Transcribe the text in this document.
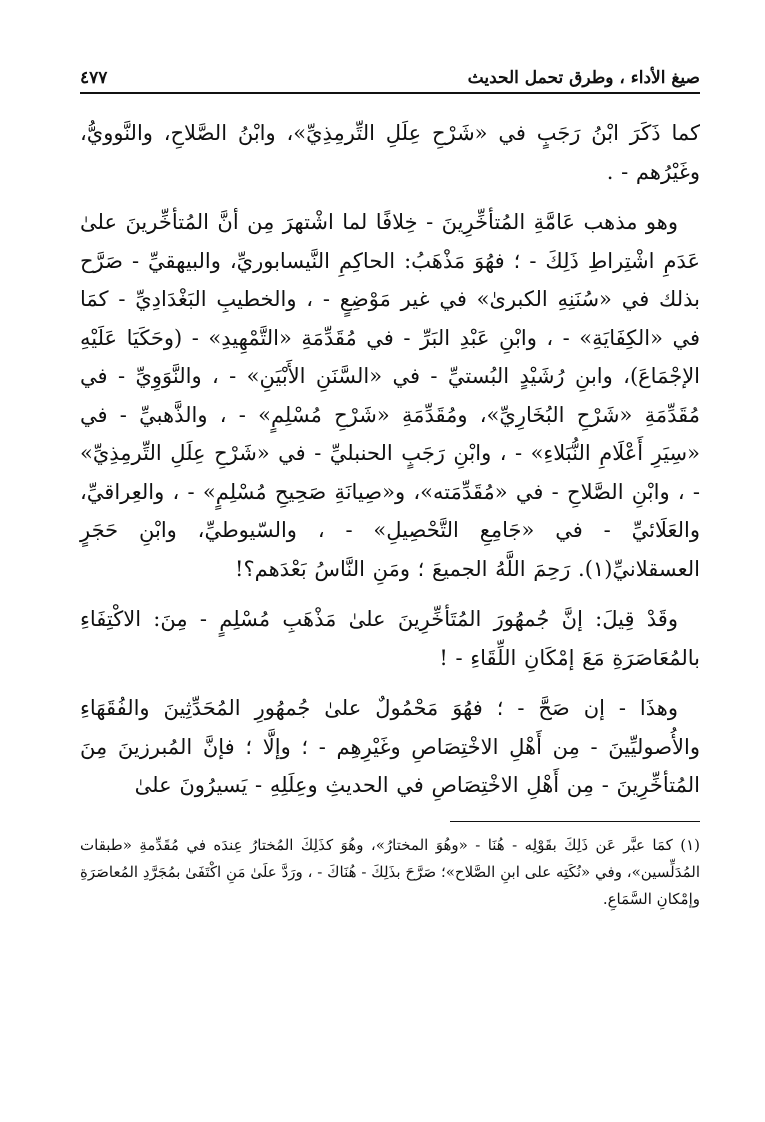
صيغ الأداء ، وطرق تحمل الحديث
٤٧٧

كما ذَكَرَ ابْنُ رَجَبٍ في «شَرْحِ عِلَلِ التِّرمِذِيِّ»، وابْنُ الصَّلاحِ، والنَّوويُّ، وغَيْرُهم - .

وهو مذهب عَامَّةِ المُتأخِّرِينَ - خِلافًا لما اشْتهرَ مِن أنَّ المُتأخِّرينَ علىٰ عَدَمِ اشْتِراطِ ذَلِكَ - ؛ فهُوَ مَذْهَبُ: الحاكِمِ النَّيسابوريِّ، والبيهقيِّ - صَرَّح بذلك في «سُنَنِهِ الكبرىٰ» في غير مَوْضِعٍ - ، والخطيبِ البَغْدَادِيِّ - كمَا في «الكِفَايَةِ» - ، وابْنِ عَبْدِ البَرِّ - في مُقَدِّمَةِ «التَّمْهِيدِ» - (وحَكَيَا عَلَيْهِ الإجْمَاعَ)، وابنِ رُشَيْدٍ البُستيِّ - في «السَّنَنِ الأَبْيَنِ» - ، والنَّوَوِيِّ - في مُقَدِّمَةِ «شَرْحِ البُخَارِيِّ»، ومُقَدِّمَةِ «شَرْحِ مُسْلِمٍ» - ، والذَّهبيِّ - في «سِيَرِ أَعْلَامِ النُّبَلاءِ» - ، وابْنِ رَجَبٍ الحنبليِّ - في «شَرْحِ عِلَلِ التِّرمِذِيِّ» - ، وابْنِ الصَّلاحِ - في «مُقَدِّمَته»، و«صِيانَةِ صَحِيحِ مُسْلِمٍ» - ، والعِراقيِّ، والعَلَائيِّ - في «جَامِعِ التَّحْصِيلِ» - ، والسّيوطيِّ، وابْنِ حَجَرٍ العسقلانيِّ(١). رَحِمَ اللَّهُ الجميعَ ؛ ومَنِ النَّاسُ بَعْدَهم؟!

وقَدْ قِيلَ: إنَّ جُمهُورَ المُتَأخِّرِينَ علىٰ مَذْهَبِ مُسْلِمٍ - مِنَ: الاكْتِفَاءِ بالمُعَاصَرَةِ مَعَ إمْكَانِ اللِّقَاءِ - !

وهذَا - إن صَحَّ - ؛ فهُوَ مَحْمُولٌ علىٰ جُمهُورِ المُحَدِّثِينَ والفُقَهَاءِ والأُصوليِّينَ - مِن أَهْلِ الاخْتِصَاصِ وغَيْرِهِم - ؛ وإلَّا ؛ فإنَّ المُبرزينَ مِنَ المُتأخِّرِينَ - مِن أَهْلِ الاخْتِصَاصِ في الحديثِ وعِلَلِهِ - يَسيرُونَ علىٰ

(١) كمَا عبَّر عَن ذَلِكَ بقَوْلِه - هُنَا - «وهُوَ المختارُ»، وهُوَ كذَلِكَ المُختارُ عِندَه في مُقَدِّمةِ «طبقات المُدَلِّسين»، وفي «نُكَتِه على ابنِ الصَّلاح»؛ صَرَّحَ بذَلِكَ - هُنَاكَ - ، ورَدَّ علَىٰ مَنِ اكْتَفَىٰ بمُجَرَّدِ المُعاصَرَةِ وإمْكانِ السَّمَاعِ.
